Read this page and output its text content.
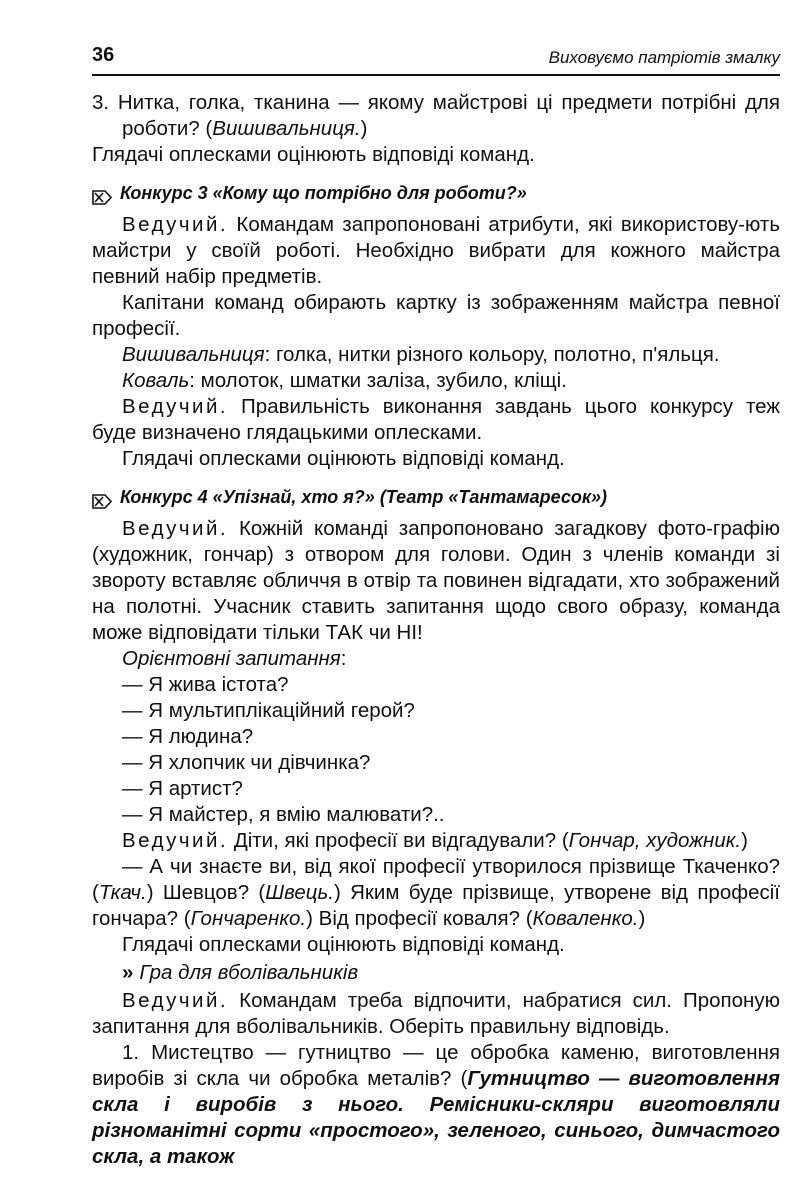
36	Виховуємо патріотів змалку

3. Нитка, голка, тканина — якому майстрові ці предмети потрібні для роботи? (Вишивальниця.)

Глядачі оплесками оцінюють відповіді команд.

Конкурс 3 «Кому що потрібно для роботи?»

Ведучий. Командам запропоновані атрибути, які використову-ють майстри у своїй роботі. Необхідно вибрати для кожного майстра певний набір предметів.

Капітани команд обирають картку із зображенням майстра певної професії.

Вишивальниця: голка, нитки різного кольору, полотно, п'яльця.

Коваль: молоток, шматки заліза, зубило, кліщі.

Ведучий. Правильність виконання завдань цього конкурсу теж буде визначено глядацькими оплесками.

Глядачі оплесками оцінюють відповіді команд.

Конкурс 4 «Упізнай, хто я?» (Театр «Тантамаресок»)

Ведучий. Кожній команді запропоновано загадкову фото-графію (художник, гончар) з отвором для голови. Один з членів команди зі звороту вставляє обличчя в отвір та повинен відгадати, хто зображений на полотні. Учасник ставить запитання щодо свого образу, команда може відповідати тільки ТАК чи НІ!

Орієнтовні запитання:

— Я жива істота?

— Я мультиплікаційний герой?

— Я людина?

— Я хлопчик чи дівчинка?

— Я артист?

— Я майстер, я вмію малювати?..

Ведучий. Діти, які професії ви відгадували? (Гончар, художник.)

— А чи знаєте ви, від якої професії утворилося прізвище Ткаченко? (Ткач.) Шевцов? (Швець.) Яким буде прізвище, утворене від професії гончара? (Гончаренко.) Від професії коваля? (Коваленко.)

Глядачі оплесками оцінюють відповіді команд.

» Гра для вболівальників

Ведучий. Командам треба відпочити, набратися сил. Пропоную запитання для вболівальників. Оберіть правильну відповідь.

1. Мистецтво — гутництво — це обробка каменю, виготовлення виробів зі скла чи обробка металів? (Гутництво — виготовлення скла і виробів з нього. Ремісники-скляри виготовляли різноманітні сорти «простого», зеленого, синього, димчастого скла, а також
